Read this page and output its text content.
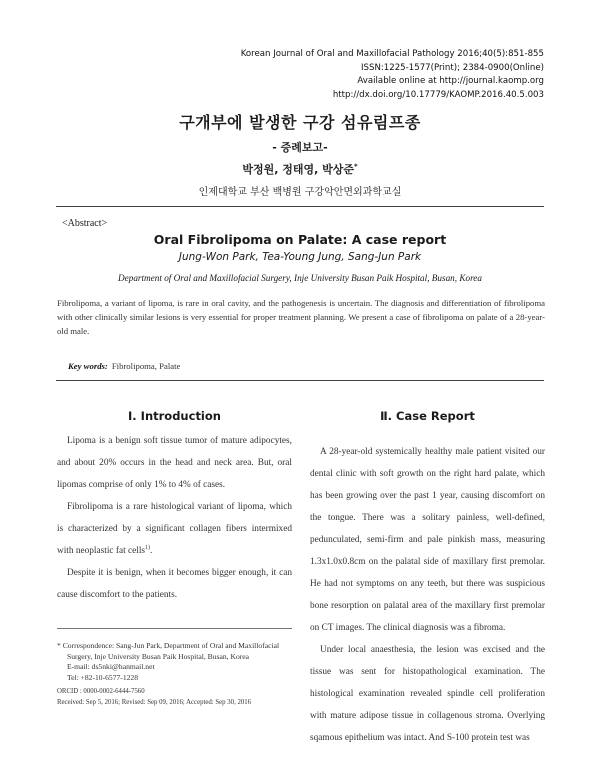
Korean Journal of Oral and Maxillofacial Pathology 2016;40(5):851-855
ISSN:1225-1577(Print); 2384-0900(Online)
Available online at http://journal.kaomp.org
http://dx.doi.org/10.17779/KAOMP.2016.40.5.003
구개부에 발생한 구강 섬유림프종
- 증례보고-
박정원, 정태영, 박상준*
인제대학교 부산 백병원 구강악안면외과학교실
<Abstract>
Oral Fibrolipoma on Palate: A case report
Jung-Won Park, Tea-Young Jung, Sang-Jun Park
Department of Oral and Maxillofacial Surgery, Inje University Busan Paik Hospital, Busan, Korea
Fibrolipoma, a variant of lipoma, is rare in oral cavity, and the pathogenesis is uncertain. The diagnosis and differentiation of fibrolipoma with other clinically similar lesions is very essential for proper treatment planning. We present a case of fibrolipoma on palate of a 28-year-old male.
Key words: Fibrolipoma, Palate
Ⅰ. Introduction	Ⅱ. Case Report

Lipoma is a benign soft tissue tumor of mature adipocytes, and about 20% occurs in the head and neck area. But, oral lipomas comprise of only 1% to 4% of cases.

Fibrolipoma is a rare histological variant of lipoma, which is characterized by a significant collagen fibers intermixed with neoplastic fat cells$^{1)}$.

Despite it is benign, when it becomes bigger enough, it can cause discomfort to the patients.

A 28-year-old systemically healthy male patient visited our dental clinic with soft growth on the right hard palate, which has been growing over the past 1 year, causing discomfort on the tongue. There was a solitary painless, well-defined, pedunculated, semi-firm and pale pinkish mass, measuring 1.3x1.0x0.8cm on the palatal side of maxillary first premolar. He had not symptoms on any teeth, but there was suspicious bone resorption on palatal area of the maxillary first premolar on CT images. The clinical diagnosis was a fibroma.

Under local anaesthesia, the lesion was excised and the tissue was sent for histopathological examination. The histological examination revealed spindle cell proliferation with mature adipose tissue in collagenous stroma. Overlying sqamous epithelium was intact. And S-100 protein test was

* Correspondence: Sang-Jun Park, Department of Oral and Maxillofacial Surgery, Inje University Busan Paik Hospital, Busan, Korea
E-mail: ds5nki@hanmail.net
Tel: +82-10-6577-1228
ORCID : 0000-0002-6444-7560
Received: Sep 5, 2016; Revised: Sep 09, 2016; Accepted: Sep 30, 2016
